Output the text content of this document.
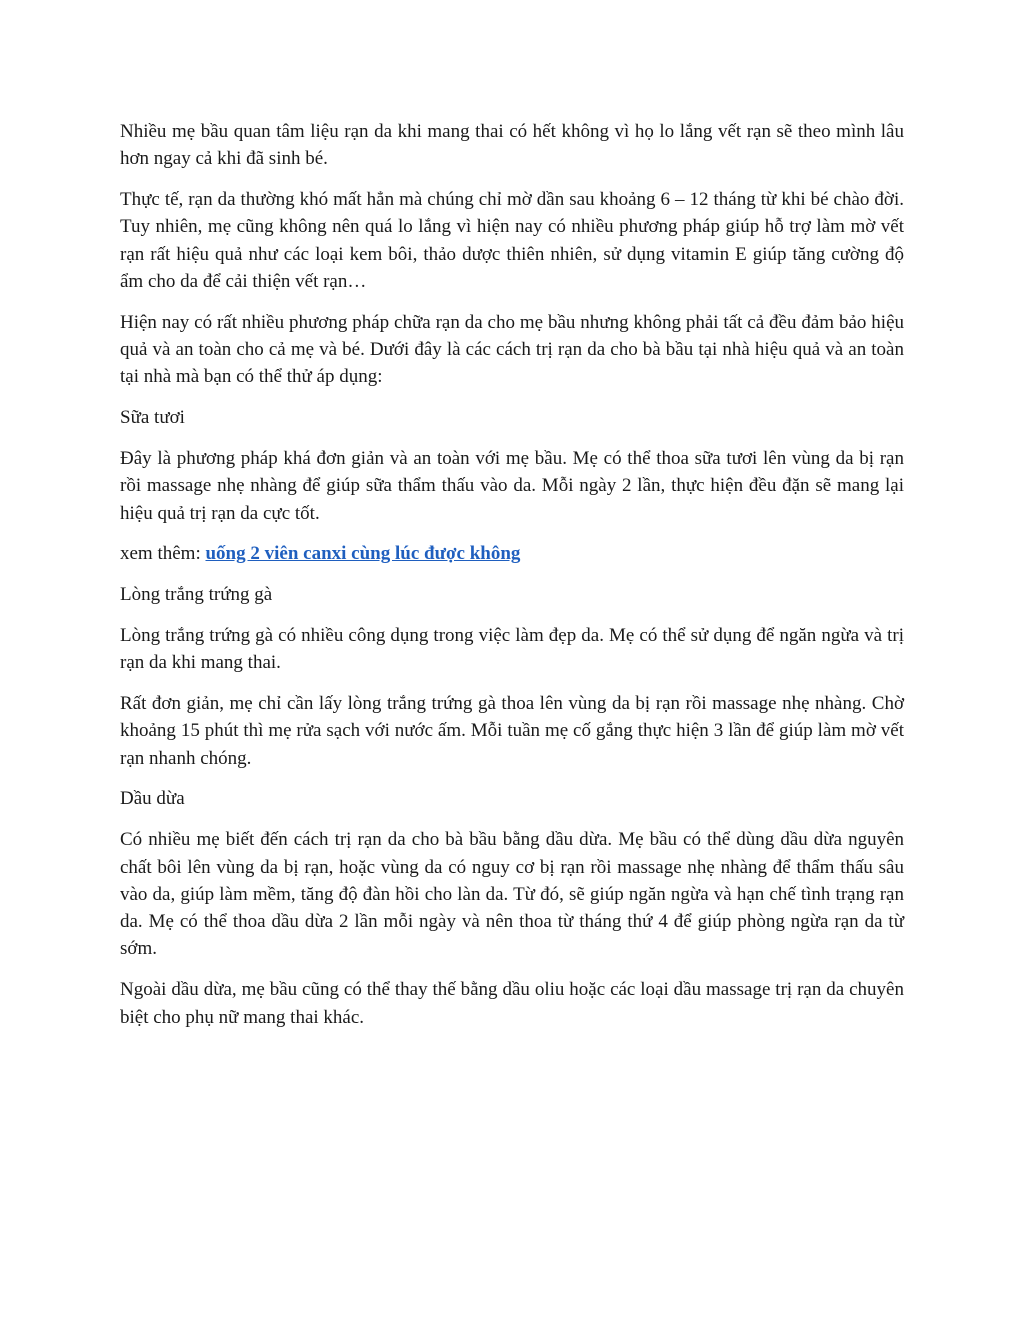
Nhiều mẹ bầu quan tâm liệu rạn da khi mang thai có hết không vì họ lo lắng vết rạn sẽ theo mình lâu hơn ngay cả khi đã sinh bé.

Thực tế, rạn da thường khó mất hẳn mà chúng chỉ mờ dần sau khoảng 6 – 12 tháng từ khi bé chào đời. Tuy nhiên, mẹ cũng không nên quá lo lắng vì hiện nay có nhiều phương pháp giúp hỗ trợ làm mờ vết rạn rất hiệu quả như các loại kem bôi, thảo dược thiên nhiên, sử dụng vitamin E giúp tăng cường độ ẩm cho da để cải thiện vết rạn…

Hiện nay có rất nhiều phương pháp chữa rạn da cho mẹ bầu nhưng không phải tất cả đều đảm bảo hiệu quả và an toàn cho cả mẹ và bé. Dưới đây là các cách trị rạn da cho bà bầu tại nhà hiệu quả và an toàn tại nhà mà bạn có thể thử áp dụng:

Sữa tươi

Đây là phương pháp khá đơn giản và an toàn với mẹ bầu. Mẹ có thể thoa sữa tươi lên vùng da bị rạn rồi massage nhẹ nhàng để giúp sữa thẩm thấu vào da. Mỗi ngày 2 lần, thực hiện đều đặn sẽ mang lại hiệu quả trị rạn da cực tốt.

xem thêm: uống 2 viên canxi cùng lúc được không

Lòng trắng trứng gà

Lòng trắng trứng gà có nhiều công dụng trong việc làm đẹp da. Mẹ có thể sử dụng để ngăn ngừa và trị rạn da khi mang thai.

Rất đơn giản, mẹ chỉ cần lấy lòng trắng trứng gà thoa lên vùng da bị rạn rồi massage nhẹ nhàng. Chờ khoảng 15 phút thì mẹ rửa sạch với nước ấm. Mỗi tuần mẹ cố gắng thực hiện 3 lần để giúp làm mờ vết rạn nhanh chóng.

Dầu dừa

Có nhiều mẹ biết đến cách trị rạn da cho bà bầu bằng dầu dừa. Mẹ bầu có thể dùng dầu dừa nguyên chất bôi lên vùng da bị rạn, hoặc vùng da có nguy cơ bị rạn rồi massage nhẹ nhàng để thẩm thấu sâu vào da, giúp làm mềm, tăng độ đàn hồi cho làn da. Từ đó, sẽ giúp ngăn ngừa và hạn chế tình trạng rạn da. Mẹ có thể thoa dầu dừa 2 lần mỗi ngày và nên thoa từ tháng thứ 4 để giúp phòng ngừa rạn da từ sớm.

Ngoài dầu dừa, mẹ bầu cũng có thể thay thế bằng dầu oliu hoặc các loại dầu massage trị rạn da chuyên biệt cho phụ nữ mang thai khác.
